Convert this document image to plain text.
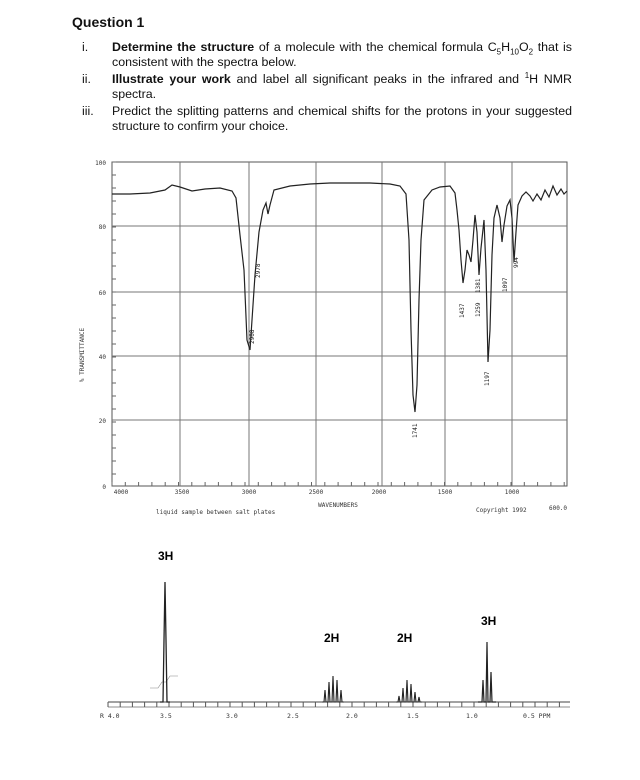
Question 1
i. Determine the structure of a molecule with the chemical formula $C_5H_{10}O_2$ that is consistent with the spectra below.
ii. Illustrate your work and label all significant peaks in the infrared and $^1$H NMR spectra.
iii. Predict the splitting patterns and chemical shifts for the protons in your suggested structure to confirm your choice.
100
80
60
40
20
0
% TRANSMITTANCE
4000	3500	3000	2500	2000	1500	1000
600.0
WAVENUMBERS
liquid sample between salt plates	Copyright 1992
2978
2908
1741
1437
1381
1259
1197
1097
994
3H
2H	2H
3H
R 4.0	3.5	3.0	2.5	2.0	1.5	1.0	0.5 PPM
